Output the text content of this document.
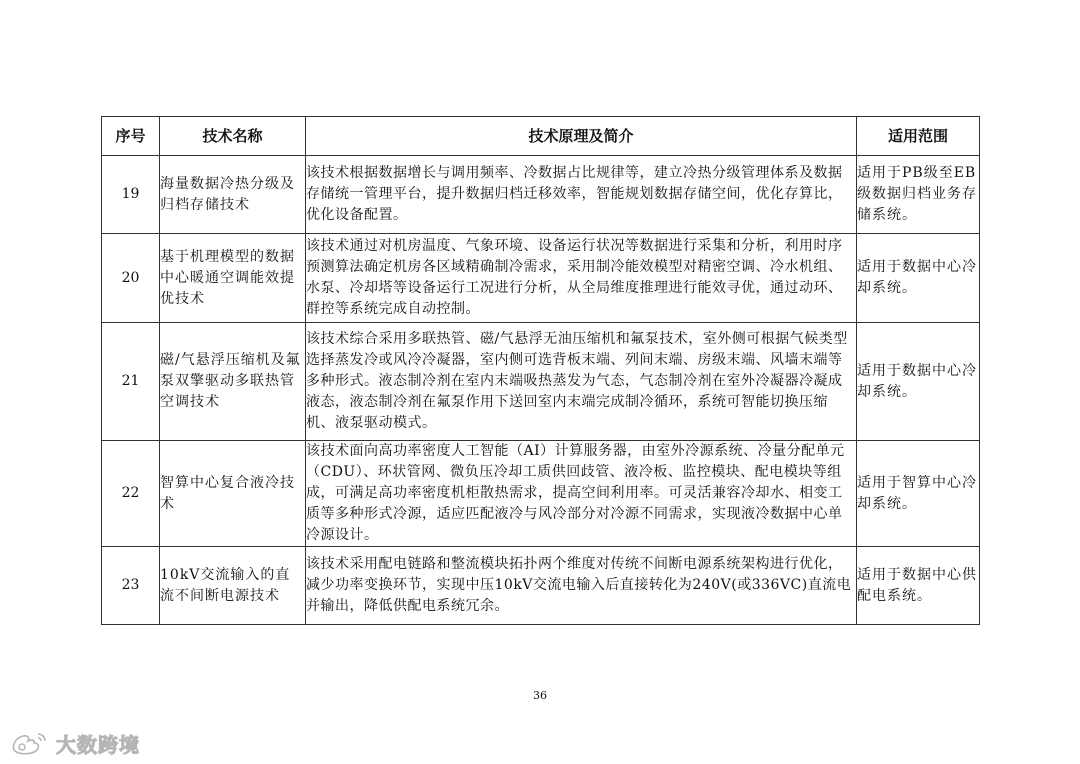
序号	技术名称	技术原理及简介	适用范围
19	海量数据冷热分级及归档存储技术	该技术根据数据增长与调用频率、冷数据占比规律等，建立冷热分级管理体系及数据存储统一管理平台，提升数据归档迁移效率，智能规划数据存储空间，优化存算比，优化设备配置。	适用于PB级至EB级数据归档业务存储系统。
20	基于机理模型的数据中心暖通空调能效提优技术	该技术通过对机房温度、气象环境、设备运行状况等数据进行采集和分析，利用时序预测算法确定机房各区域精确制冷需求，采用制冷能效模型对精密空调、冷水机组、水泵、冷却塔等设备运行工况进行分析，从全局维度推理进行能效寻优，通过动环、群控等系统完成自动控制。	适用于数据中心冷却系统。
21	磁/气悬浮压缩机及氟泵双擎驱动多联热管空调技术	该技术综合采用多联热管、磁/气悬浮无油压缩机和氟泵技术，室外侧可根据气候类型选择蒸发冷或风冷冷凝器，室内侧可选背板末端、列间末端、房级末端、风墙末端等多种形式。液态制冷剂在室内末端吸热蒸发为气态，气态制冷剂在室外冷凝器冷凝成液态，液态制冷剂在氟泵作用下送回室内末端完成制冷循环，系统可智能切换压缩机、液泵驱动模式。	适用于数据中心冷却系统。
22	智算中心复合液冷技术	该技术面向高功率密度人工智能（AI）计算服务器，由室外冷源系统、冷量分配单元（CDU）、环状管网、微负压冷却工质供回歧管、液冷板、监控模块、配电模块等组成，可满足高功率密度机柜散热需求，提高空间利用率。可灵活兼容冷却水、相变工质等多种形式冷源，适应匹配液冷与风冷部分对冷源不同需求，实现液冷数据中心单冷源设计。	适用于智算中心冷却系统。
23	10kV交流输入的直流不间断电源技术	该技术采用配电链路和整流模块拓扑两个维度对传统不间断电源系统架构进行优化，减少功率变换环节，实现中压10kV交流电输入后直接转化为240V(或336VC)直流电并输出，降低供配电系统冗余。	适用于数据中心供配电系统。
36
大数跨境
